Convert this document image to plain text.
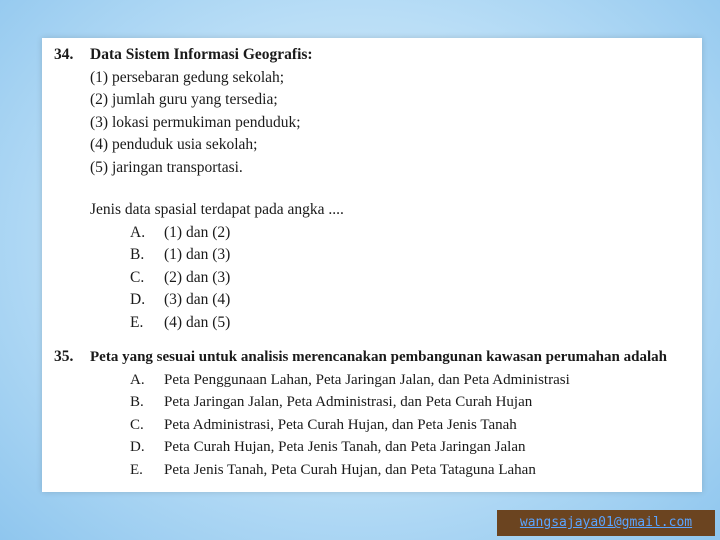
34. Data Sistem Informasi Geografis:
(1) persebaran gedung sekolah;
(2) jumlah guru yang tersedia;
(3) lokasi permukiman penduduk;
(4) penduduk usia sekolah;
(5) jaringan transportasi.
Jenis data spasial terdapat pada angka ....
A. (1) dan (2)
B. (1) dan (3)
C. (2) dan (3)
D. (3) dan (4)
E. (4) dan (5)
35. Peta yang sesuai untuk analisis merencanakan pembangunan kawasan perumahan adalah
A. Peta Penggunaan Lahan, Peta Jaringan Jalan, dan Peta Administrasi
B. Peta Jaringan Jalan, Peta Administrasi, dan Peta Curah Hujan
C. Peta Administrasi, Peta Curah Hujan, dan Peta Jenis Tanah
D. Peta Curah Hujan, Peta Jenis Tanah, dan Peta Jaringan Jalan
E. Peta Jenis Tanah, Peta Curah Hujan, dan Peta Tataguna Lahan
wangsajaya01@gmail.com
